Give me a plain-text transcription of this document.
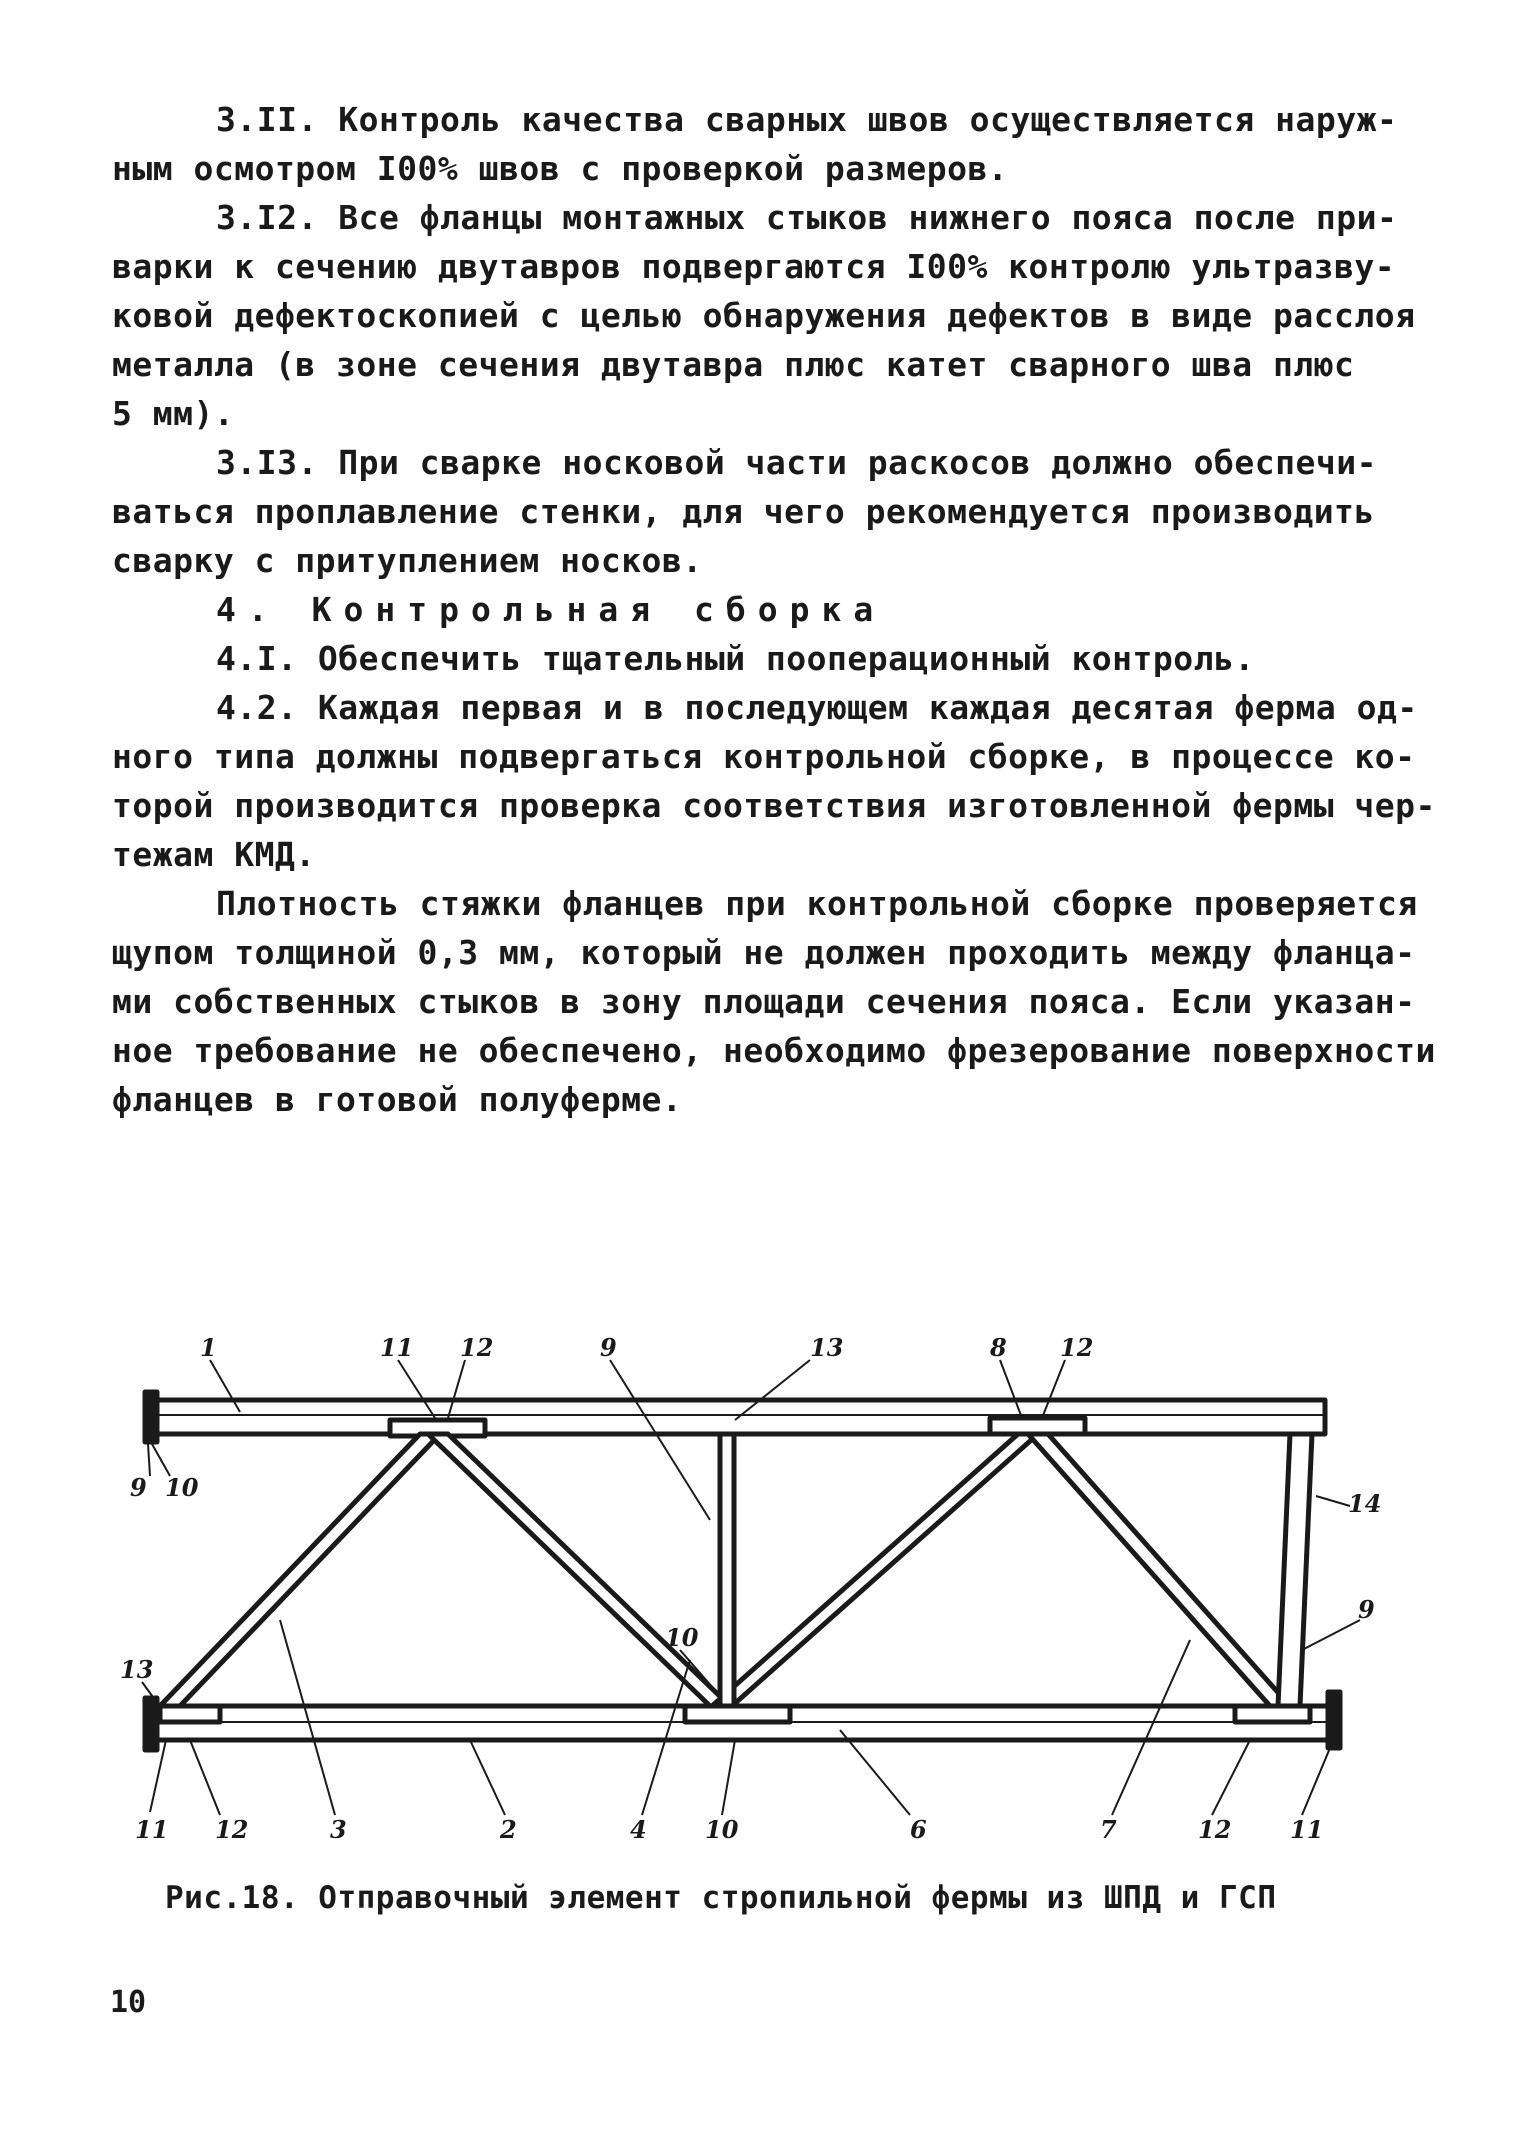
3.II. Контроль качества сварных швов осуществляется наруж-
ным осмотром I00% швов с проверкой размеров.
3.I2. Все фланцы монтажных стыков нижнего пояса после при-
варки к сечению двутавров подвергаются I00% контролю ультразву-
ковой дефектоскопией с целью обнаружения дефектов в виде расслоя
металла (в зоне сечения двутавра плюс катет сварного шва плюс
5 мм).
3.I3. При сварке носковой части раскосов должно обеспечи-
ваться проплавление стенки, для чего рекомендуется производить
сварку с притуплением носков.
4. Контрольная сборка
4.I. Обеспечить тщательный пооперационный контроль.
4.2. Каждая первая и в последующем каждая десятая ферма од-
ного типа должны подвергаться контрольной сборке, в процессе ко-
торой производится проверка соответствия изготовленной фермы чер-
тежам КМД.
Плотность стяжки фланцев при контрольной сборке проверяется
щупом толщиной 0,3 мм, который не должен проходить между фланца-
ми собственных стыков в зону площади сечения пояса. Если указан-
ное требование не обеспечено, необходимо фрезерование поверхности
фланцев в готовой полуферме.
1	11 12	9	13	8 12
9 10
14
9
10
13
11 12	3	2	4 10	6	7	12 11
Рис.18. Отправочный элемент стропильной фермы из ШПД и ГСП
10
